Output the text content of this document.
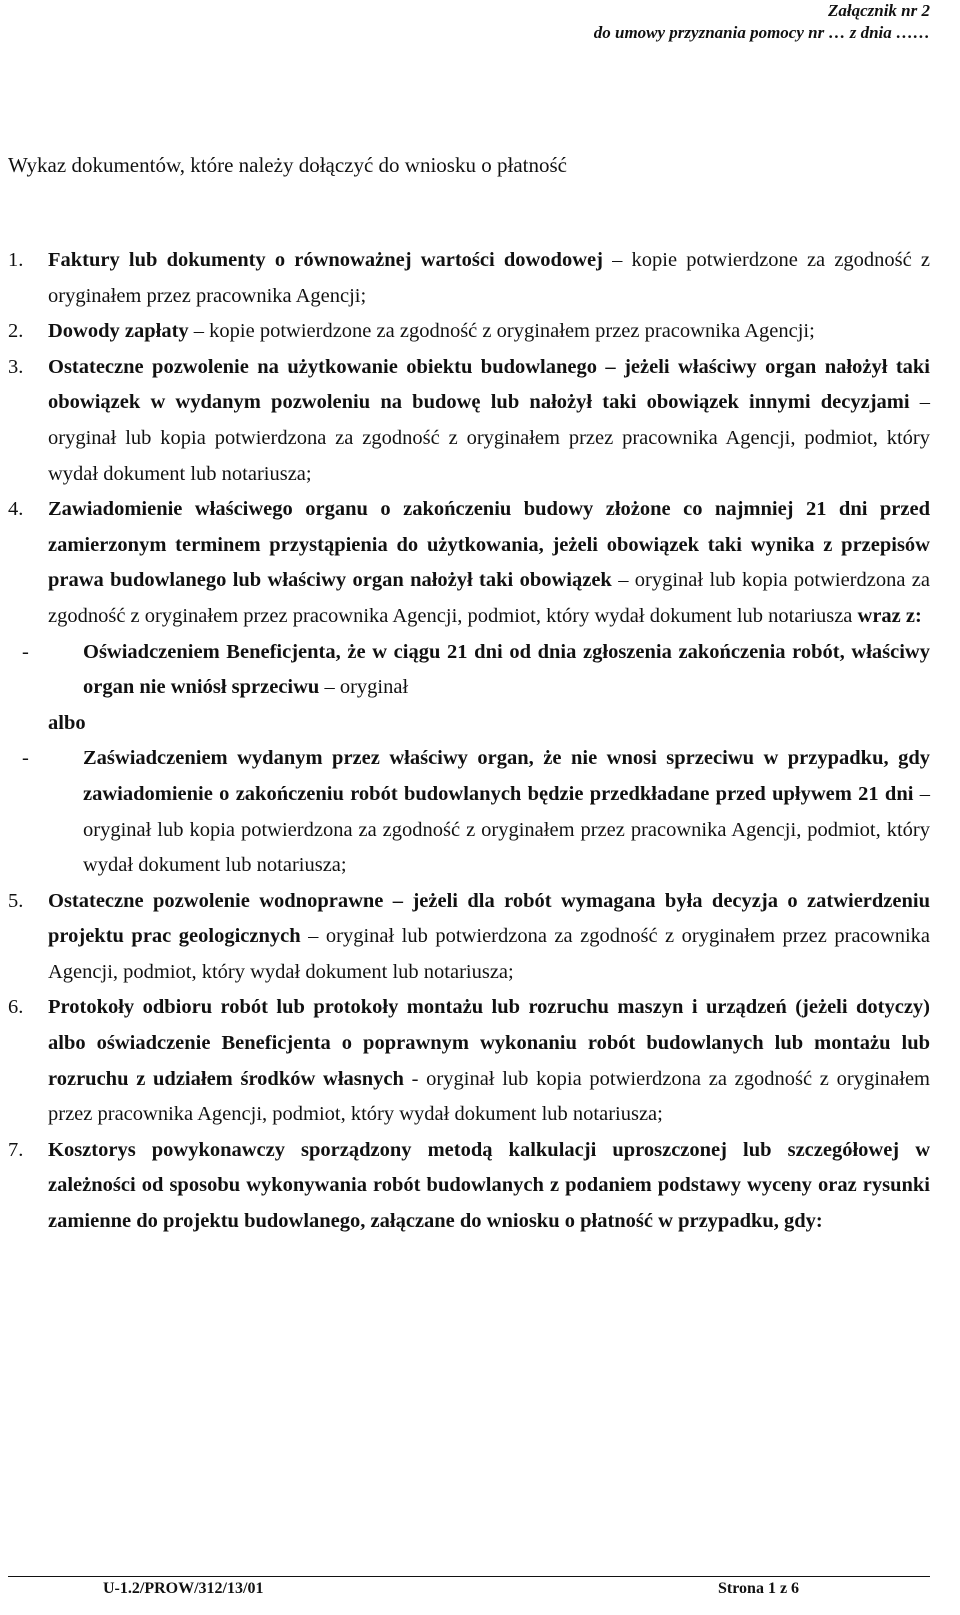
Załącznik nr 2
do umowy przyznania pomocy nr … z dnia ……
Wykaz dokumentów, które należy dołączyć do wniosku o płatność
1. Faktury lub dokumenty o równoważnej wartości dowodowej – kopie potwierdzone za zgodność z oryginałem przez pracownika Agencji;
2. Dowody zapłaty – kopie potwierdzone za zgodność z oryginałem przez pracownika Agencji;
3. Ostateczne pozwolenie na użytkowanie obiektu budowlanego – jeżeli właściwy organ nałożył taki obowiązek w wydanym pozwoleniu na budowę lub nałożył taki obowiązek innymi decyzjami – oryginał lub kopia potwierdzona za zgodność z oryginałem przez pracownika Agencji, podmiot, który wydał dokument lub notariusza;
4. Zawiadomienie właściwego organu o zakończeniu budowy złożone co najmniej 21 dni przed zamierzonym terminem przystąpienia do użytkowania, jeżeli obowiązek taki wynika z przepisów prawa budowlanego lub właściwy organ nałożył taki obowiązek – oryginał lub kopia potwierdzona za zgodność z oryginałem przez pracownika Agencji, podmiot, który wydał dokument lub notariusza wraz z:
-	Oświadczeniem Beneficjenta, że w ciągu 21 dni od dnia zgłoszenia zakończenia robót, właściwy organ nie wniósł sprzeciwu – oryginał
albo
-	Zaświadczeniem wydanym przez właściwy organ, że nie wnosi sprzeciwu w przypadku, gdy zawiadomienie o zakończeniu robót budowlanych będzie przedkładane przed upływem 21 dni – oryginał lub kopia potwierdzona za zgodność z oryginałem przez pracownika Agencji, podmiot, który wydał dokument lub notariusza;
5. Ostateczne pozwolenie wodnoprawne – jeżeli dla robót wymagana była decyzja o zatwierdzeniu projektu prac geologicznych – oryginał lub potwierdzona za zgodność z oryginałem przez pracownika Agencji, podmiot, który wydał dokument lub notariusza;
6. Protokoły odbioru robót lub protokoły montażu lub rozruchu maszyn i urządzeń (jeżeli dotyczy) albo oświadczenie Beneficjenta o poprawnym wykonaniu robót budowlanych lub montażu lub rozruchu z udziałem środków własnych - oryginał lub kopia potwierdzona za zgodność z oryginałem przez pracownika Agencji, podmiot, który wydał dokument lub notariusza;
7. Kosztorys powykonawczy sporządzony metodą kalkulacji uproszczonej lub szczegółowej w zależności od sposobu wykonywania robót budowlanych z podaniem podstawy wyceny oraz rysunki zamienne do projektu budowlanego, załączane do wniosku o płatność w przypadku, gdy:
U-1.2/PROW/312/13/01	Strona 1 z 6
